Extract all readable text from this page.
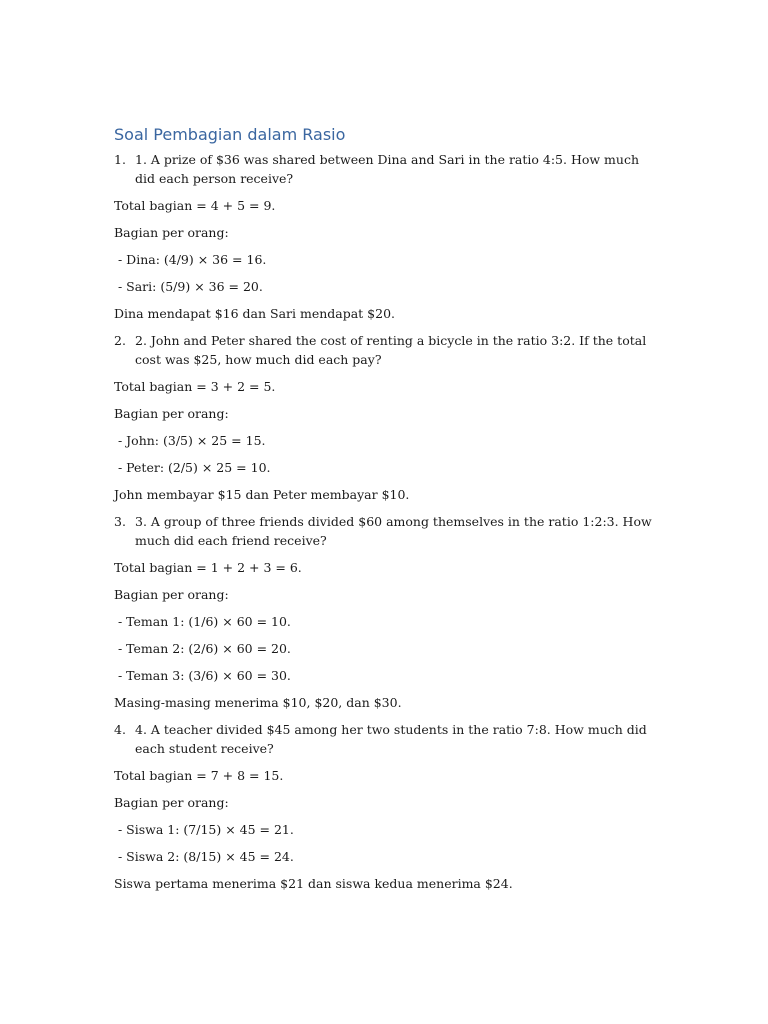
Soal Pembagian dalam Rasio
1. 1. A prize of $36 was shared between Dina and Sari in the ratio 4:5. How much did each person receive?

Total bagian = 4 + 5 = 9.

Bagian per orang:

- Dina: (4/9) × 36 = 16.

- Sari: (5/9) × 36 = 20.

Dina mendapat $16 dan Sari mendapat $20.

2. 2. John and Peter shared the cost of renting a bicycle in the ratio 3:2. If the total cost was $25, how much did each pay?

Total bagian = 3 + 2 = 5.

Bagian per orang:

- John: (3/5) × 25 = 15.

- Peter: (2/5) × 25 = 10.

John membayar $15 dan Peter membayar $10.

3. 3. A group of three friends divided $60 among themselves in the ratio 1:2:3. How much did each friend receive?

Total bagian = 1 + 2 + 3 = 6.

Bagian per orang:

- Teman 1: (1/6) × 60 = 10.

- Teman 2: (2/6) × 60 = 20.

- Teman 3: (3/6) × 60 = 30.

Masing-masing menerima $10, $20, dan $30.

4. 4. A teacher divided $45 among her two students in the ratio 7:8. How much did each student receive?

Total bagian = 7 + 8 = 15.

Bagian per orang:

- Siswa 1: (7/15) × 45 = 21.

- Siswa 2: (8/15) × 45 = 24.

Siswa pertama menerima $21 dan siswa kedua menerima $24.
